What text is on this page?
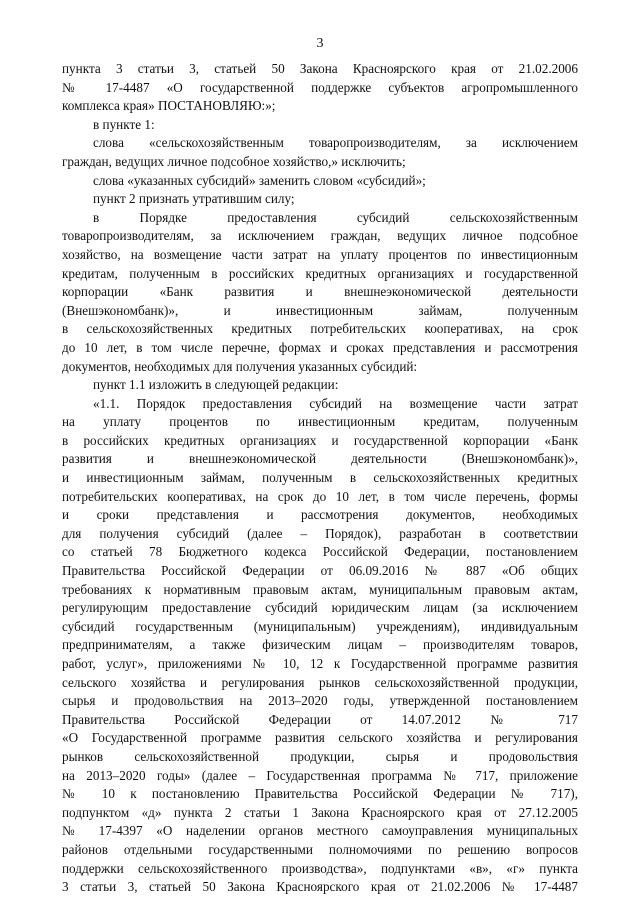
3
пункта 3 статьи 3, статьей 50 Закона Красноярского края от 21.02.2006
№ 17-4487 «О государственной поддержке субъектов агропромышленного
комплекса края» ПОСТАНОВЛЯЮ:»;
в пункте 1:
слова «сельскохозяйственным товаропроизводителям, за исключением
граждан, ведущих личное подсобное хозяйство,» исключить;
слова «указанных субсидий» заменить словом «субсидий»;
пункт 2 признать утратившим силу;
в Порядке предоставления субсидий сельскохозяйственным
товаропроизводителям, за исключением граждан, ведущих личное подсобное
хозяйство, на возмещение части затрат на уплату процентов по инвестиционным
кредитам, полученным в российских кредитных организациях и государственной
корпорации «Банк развития и внешнеэкономической деятельности
(Внешэкономбанк)», и инвестиционным займам, полученным
в сельскохозяйственных кредитных потребительских кооперативах, на срок
до 10 лет, в том числе перечне, формах и сроках представления и рассмотрения
документов, необходимых для получения указанных субсидий:
пункт 1.1 изложить в следующей редакции:
«1.1. Порядок предоставления субсидий на возмещение части затрат
на уплату процентов по инвестиционным кредитам, полученным
в российских кредитных организациях и государственной корпорации «Банк
развития и внешнеэкономической деятельности (Внешэкономбанк)»,
и инвестиционным займам, полученным в сельскохозяйственных кредитных
потребительских кооперативах, на срок до 10 лет, в том числе перечень, формы
и сроки представления и рассмотрения документов, необходимых
для получения субсидий (далее – Порядок), разработан в соответствии
со статьей 78 Бюджетного кодекса Российской Федерации, постановлением
Правительства Российской Федерации от 06.09.2016 № 887 «Об общих
требованиях к нормативным правовым актам, муниципальным правовым актам,
регулирующим предоставление субсидий юридическим лицам (за исключением
субсидий государственным (муниципальным) учреждениям), индивидуальным
предпринимателям, а также физическим лицам – производителям товаров,
работ, услуг», приложениями № 10, 12 к Государственной программе развития
сельского хозяйства и регулирования рынков сельскохозяйственной продукции,
сырья и продовольствия на 2013–2020 годы, утвержденной постановлением
Правительства Российской Федерации от 14.07.2012 № 717
«О Государственной программе развития сельского хозяйства и регулирования
рынков сельскохозяйственной продукции, сырья и продовольствия
на 2013–2020 годы» (далее – Государственная программа № 717, приложение
№ 10 к постановлению Правительства Российской Федерации № 717),
подпунктом «д» пункта 2 статьи 1 Закона Красноярского края от 27.12.2005
№ 17-4397 «О наделении органов местного самоуправления муниципальных
районов отдельными государственными полномочиями по решению вопросов
поддержки сельскохозяйственного производства», подпунктами «в», «г» пункта
3 статьи 3, статьей 50 Закона Красноярского края от 21.02.2006 № 17-4487
